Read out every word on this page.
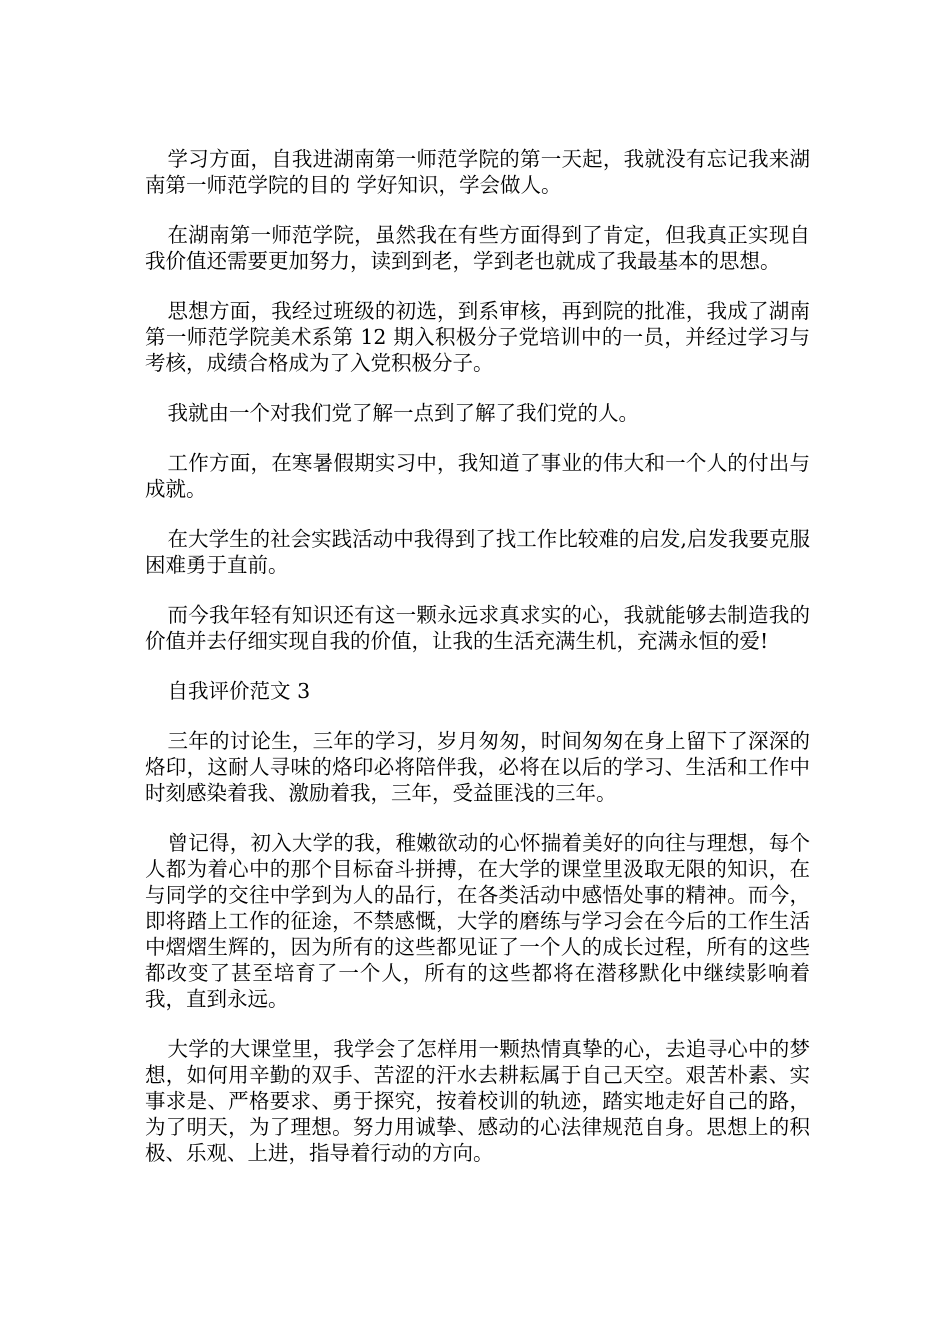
学习方面，自我进湖南第一师范学院的第一天起，我就没有忘记我来湖南第一师范学院的目的 学好知识，学会做人。

在湖南第一师范学院，虽然我在有些方面得到了肯定，但我真正实现自我价值还需要更加努力，读到到老，学到老也就成了我最基本的思想。

思想方面，我经过班级的初选，到系审核，再到院的批准，我成了湖南第一师范学院美术系第 12 期入积极分子党培训中的一员，并经过学习与考核，成绩合格成为了入党积极分子。

我就由一个对我们党了解一点到了解了我们党的人。

工作方面，在寒暑假期实习中，我知道了事业的伟大和一个人的付出与成就。

在大学生的社会实践活动中我得到了找工作比较难的启发,启发我要克服困难勇于直前。

而今我年轻有知识还有这一颗永远求真求实的心，我就能够去制造我的价值并去仔细实现自我的价值，让我的生活充满生机，充满永恒的爱!

自我评价范文 3

三年的讨论生，三年的学习，岁月匆匆，时间匆匆在身上留下了深深的烙印，这耐人寻味的烙印必将陪伴我，必将在以后的学习、生活和工作中时刻感染着我、激励着我，三年，受益匪浅的三年。

曾记得，初入大学的我，稚嫩欲动的心怀揣着美好的向往与理想，每个人都为着心中的那个目标奋斗拼搏，在大学的课堂里汲取无限的知识，在与同学的交往中学到为人的品行，在各类活动中感悟处事的精神。而今，即将踏上工作的征途，不禁感慨，大学的磨练与学习会在今后的工作生活中熠熠生辉的，因为所有的这些都见证了一个人的成长过程，所有的这些都改变了甚至培育了一个人，所有的这些都将在潜移默化中继续影响着我，直到永远。

大学的大课堂里，我学会了怎样用一颗热情真挚的心，去追寻心中的梦想，如何用辛勤的双手、苦涩的汗水去耕耘属于自己天空。艰苦朴素、实事求是、严格要求、勇于探究，按着校训的轨迹，踏实地走好自己的路，为了明天，为了理想。努力用诚挚、感动的心法律规范自身。思想上的积极、乐观、上进，指导着行动的方向。
